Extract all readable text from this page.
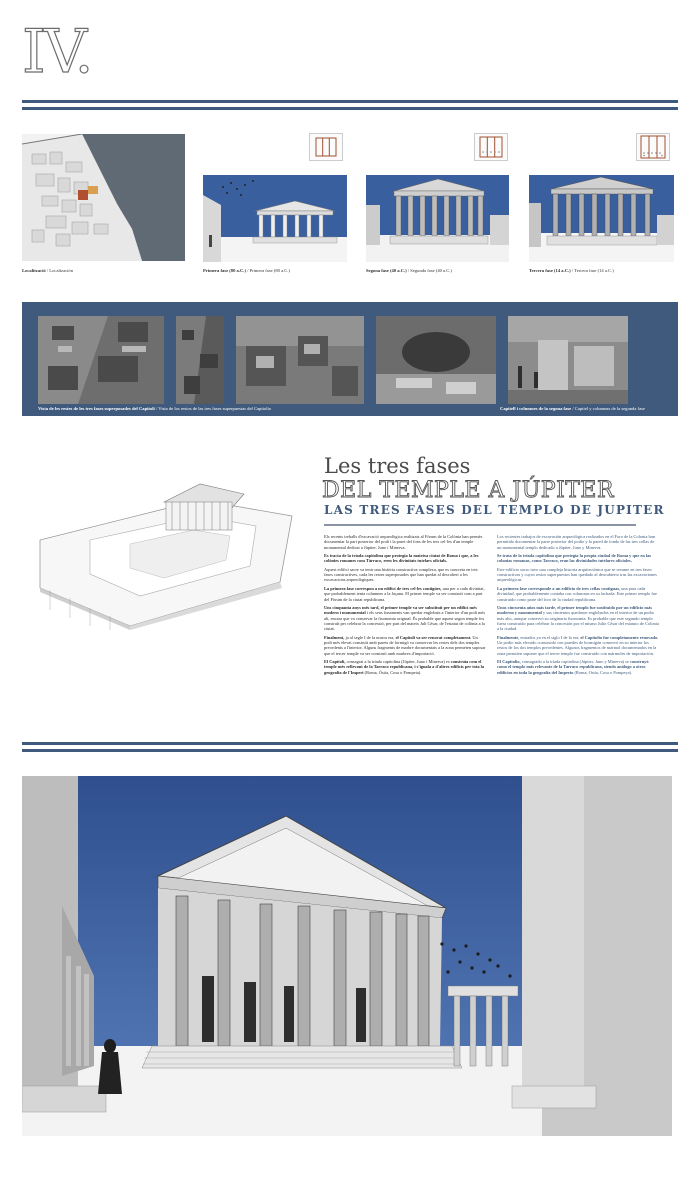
IV.
Localització / Localización	Primera fase (80 a.C.) / Primera fase (80 a.C.)	Segona fase (40 a.C.) / Segunda fase (40 a.C.)	Tercera fase (14 a.C.) / Tercera fase (14 a.C.)
Vista de les restes de les tres fases superposades del Capitoli / Vista de los restos de las tres fases superpuestas del Capitolio	Capitell i columnes de la segona fase / Capitel y columnas de la segunda fase
Les tres fases
DEL TEMPLE A JÚPITER
LAS TRES FASES DEL TEMPLO DE JUPITER

Els recents treballs d'excavació arqueològica realitzats al Fòrum de la Colònia han permès documentar la part posterior del podi i la paret del fons de les tres cel·les d'un temple monumental dedicat a Júpiter, Juno i Minerva.

Es tracta de la tríada capitolina que protegia la mateixa ciutat de Roma i que, a les colònies romanes com Tàrraco, eren les divinitats tutelars oficials.

Aquest edifici sacre va tenir una història constructiva complexa, que es concreta en tres fases constructives, cada les restes superposades que han quedat al descobert a les excavacions arqueològiques.

La primera fase correspon a un edifici de tres cel·les contigües, una per a cada divinitat, que probablement tenia columnes a la façana. El primer temple va ser construït com a part del Fòrum de la ciutat republicana.

Uns cinquanta anys més tard, el primer temple va ser substituït per un edifici més modern i monumental i els seus fonaments van quedar englobats a l'interior d'un podi més alt, encara que va conservar la fisonomia original. És probable que aquest segon temple fos construït per celebrar la concessió, per part del mateix Juli Cèsar, de l'estatut de colònia a la ciutat.

Finalment, ja al segle I de la nostra era, el Capitoli va ser renovat completament. Un podi més elevat construït amb parets de formigó va conservar les restes dels dos temples precedents a l'interior. Alguns fragments de marbre documentats a la zona permeten suposar que el tercer temple va ser construït amb marbres d'importació.

El Capitoli, consagrat a la tríada capitolina (Júpiter, Juno i Minerva) es construïa com el temple més rellevant de la Tarraco republicana, i s'iguala a d'altres edificis per tota la geografia de l'Imperi (Roma, Òstia, Cosa o Pompeia).

Los recientes trabajos de excavación arqueológica realizados en el Foro de la Colonia han permitido documentar la parte posterior del podio y la pared de fondo de las tres cellas de un monumental templo dedicado a Júpiter, Juno y Minerva.

Se trata de la tríada capitolina que protegía la propia ciudad de Roma y que en las colonias romanas, como Tarraco, eran las divinidades tutelares oficiales.

Este edificio sacro tuvo una compleja historia arquitectónica que se resume en tres fases constructivas y cuyos restos superpuestos han quedado al descubierto tras las excavaciones arqueológicas.

La primera fase corresponde a un edificio de tres cellas contiguas, una para cada divinidad, que probablemente contaba con columnas en su fachada. Este primer templo fue construido como parte del foro de la ciudad republicana.

Unos cincuenta años más tarde, el primer templo fue sustituido por un edificio más moderno y monumental y sus cimientos quedaron englobados en el interior de un podio más alto, aunque conservó su originaria fisonomía. Es probable que este segundo templo fuera construido para celebrar la concesión por el mismo Julio César del estatuto de Colonia a la ciudad.

Finalmente, entrados ya en el siglo I de la era, el Capitolio fue completamente renovado. Un podio más elevado construido con paredes de hormigón conservó en su interior los restos de los dos templos precedentes. Algunos fragmentos de mármol documentados en la zona permiten suponer que el tercer templo fue construido con mármoles de importación.

El Capitolio, consagrado a la tríada capitolina (Júpiter, Juno y Minerva) se construyó como el templo más relevante de la Tarraco republicana, siendo análogo a otros edificios en toda la geografía del Imperio (Roma, Ostia, Cosa o Pompeya).
